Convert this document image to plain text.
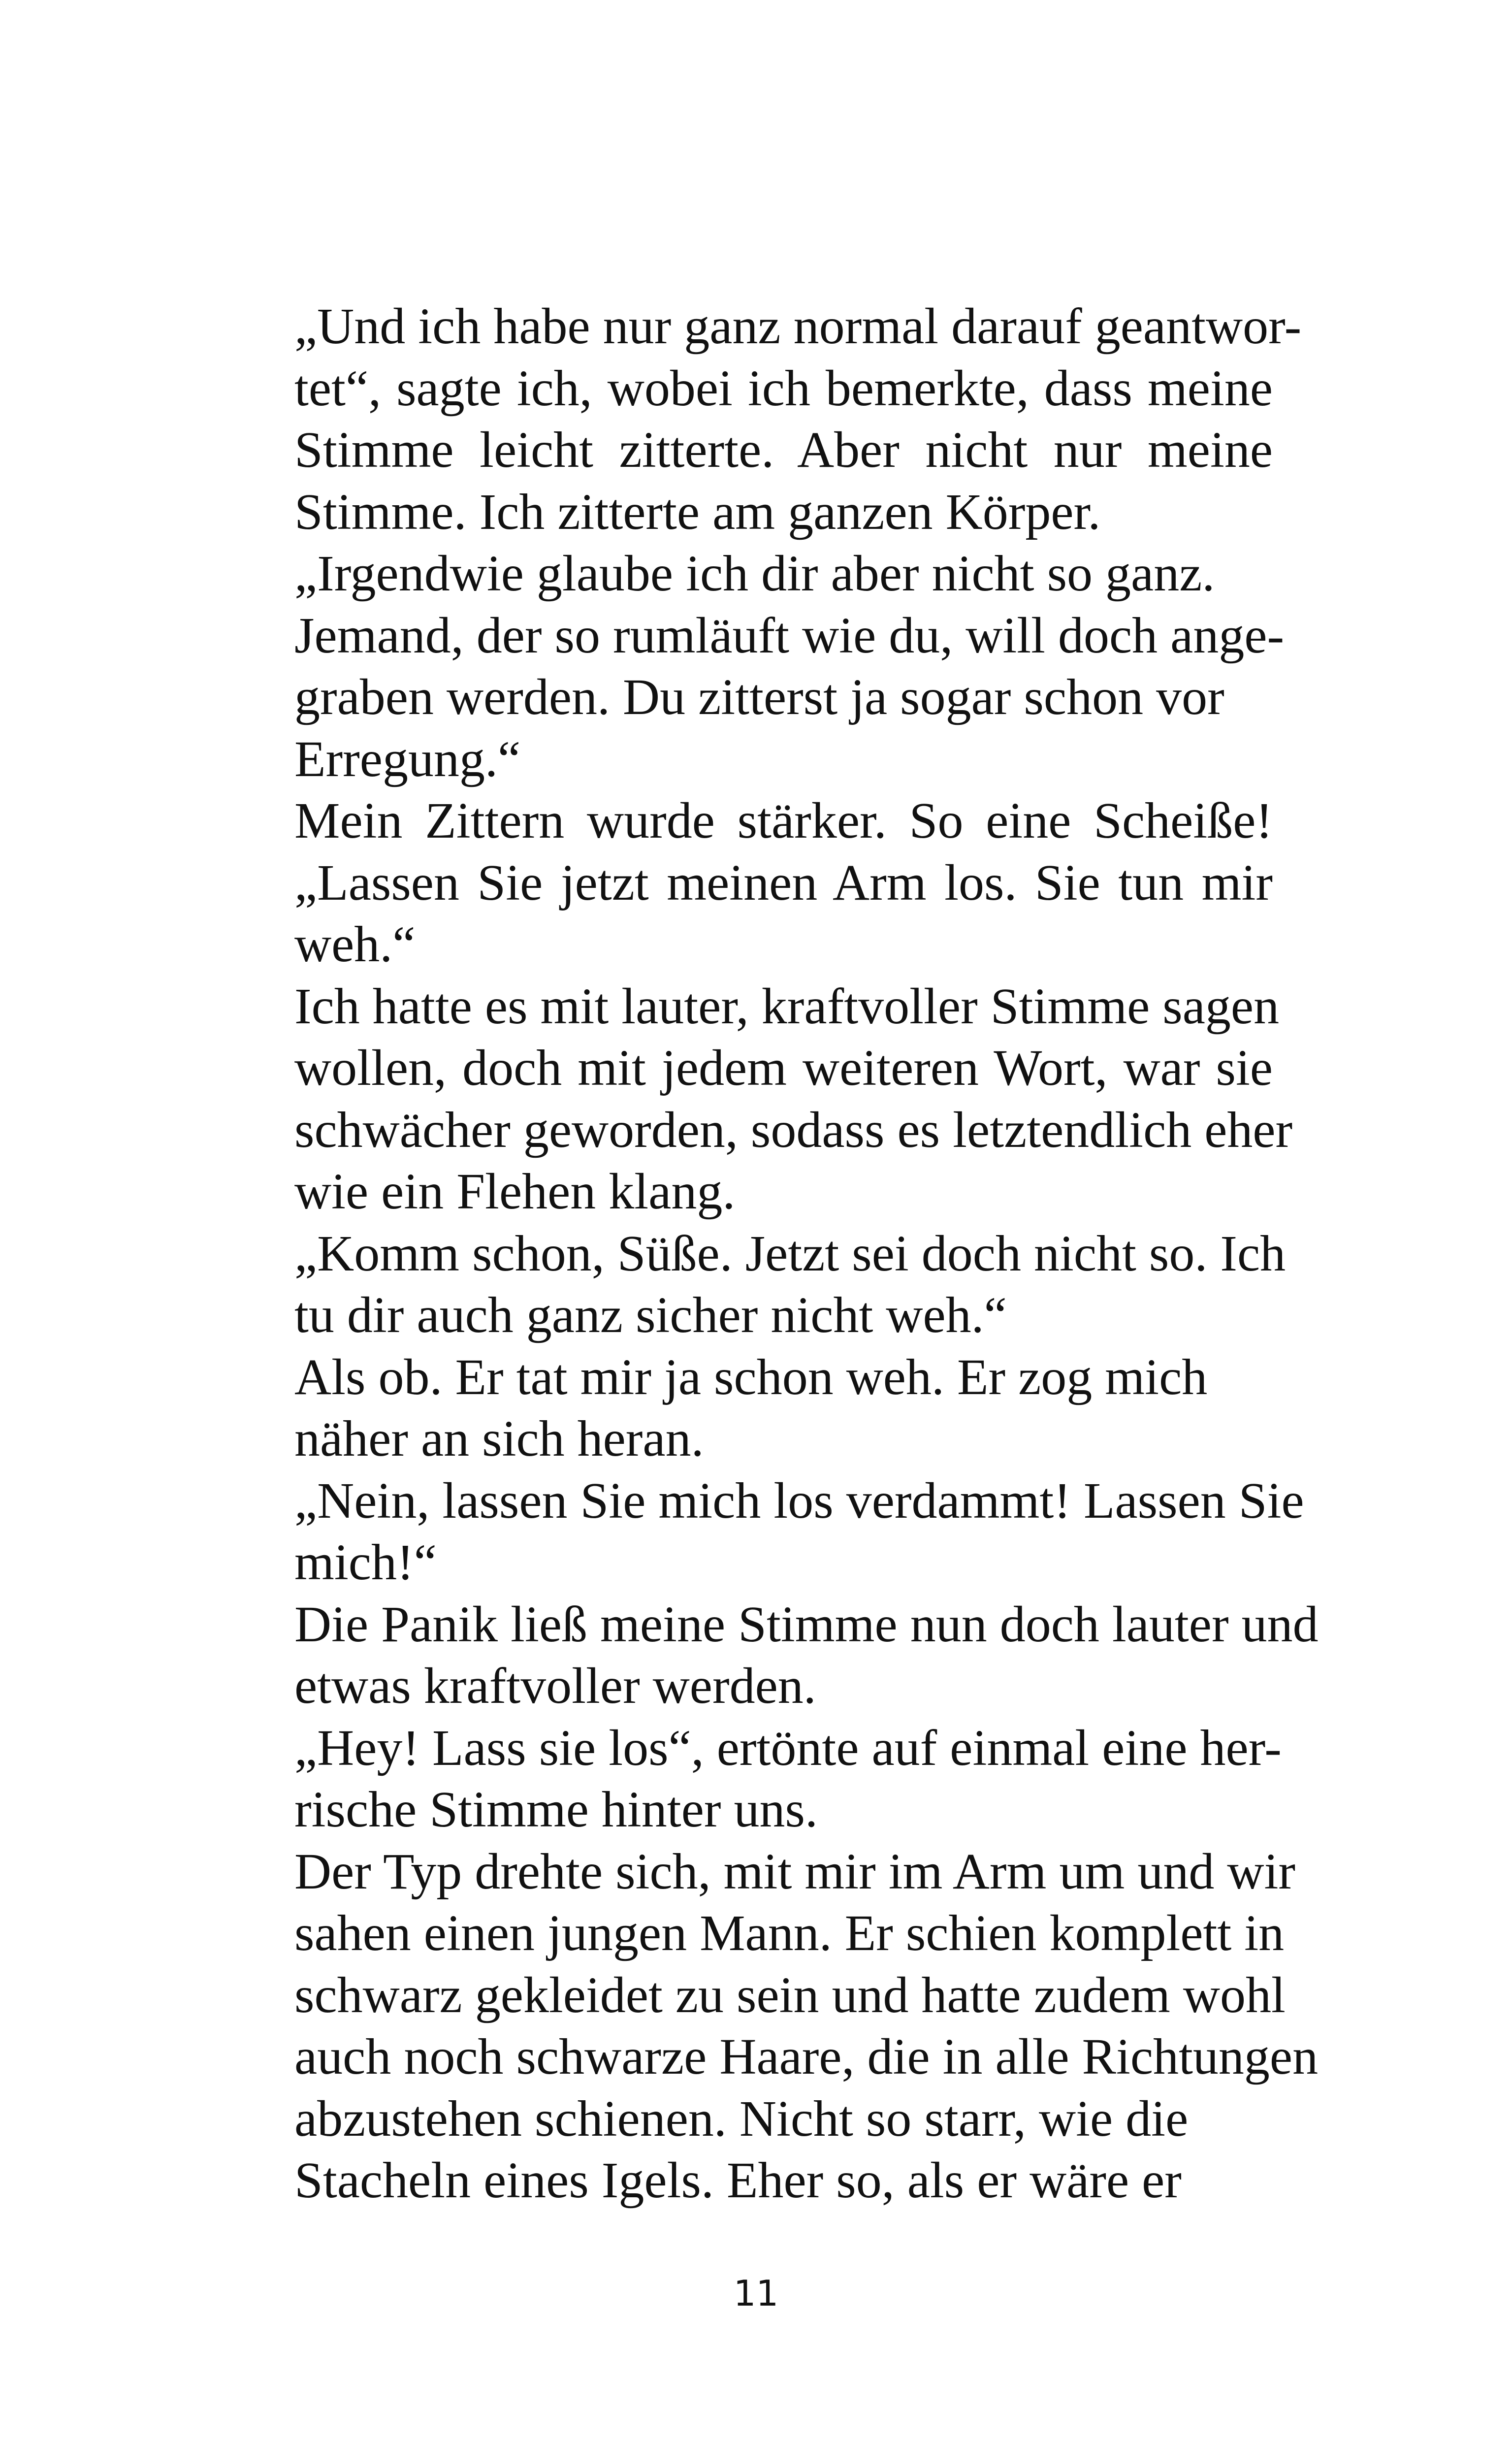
„Und ich habe nur ganz normal darauf geantwor-
tet“, sagte ich, wobei ich bemerkte, dass meine
Stimme leicht zitterte. Aber nicht nur meine
Stimme. Ich zitterte am ganzen Körper.
„Irgendwie glaube ich dir aber nicht so ganz.
Jemand, der so rumläuft wie du, will doch ange-
graben werden. Du zitterst ja sogar schon vor
Erregung.“
Mein Zittern wurde stärker. So eine Scheiße!
„Lassen Sie jetzt meinen Arm los. Sie tun mir
weh.“
Ich hatte es mit lauter, kraftvoller Stimme sagen
wollen, doch mit jedem weiteren Wort, war sie
schwächer geworden, sodass es letztendlich eher
wie ein Flehen klang.
„Komm schon, Süße. Jetzt sei doch nicht so. Ich
tu dir auch ganz sicher nicht weh.“
Als ob. Er tat mir ja schon weh. Er zog mich
näher an sich heran.
„Nein, lassen Sie mich los verdammt! Lassen Sie
mich!“
Die Panik ließ meine Stimme nun doch lauter und
etwas kraftvoller werden.
„Hey! Lass sie los“, ertönte auf einmal eine her-
rische Stimme hinter uns.
Der Typ drehte sich, mit mir im Arm um und wir
sahen einen jungen Mann. Er schien komplett in
schwarz gekleidet zu sein und hatte zudem wohl
auch noch schwarze Haare, die in alle Richtungen
abzustehen schienen. Nicht so starr, wie die
Stacheln eines Igels. Eher so, als er wäre er
11
